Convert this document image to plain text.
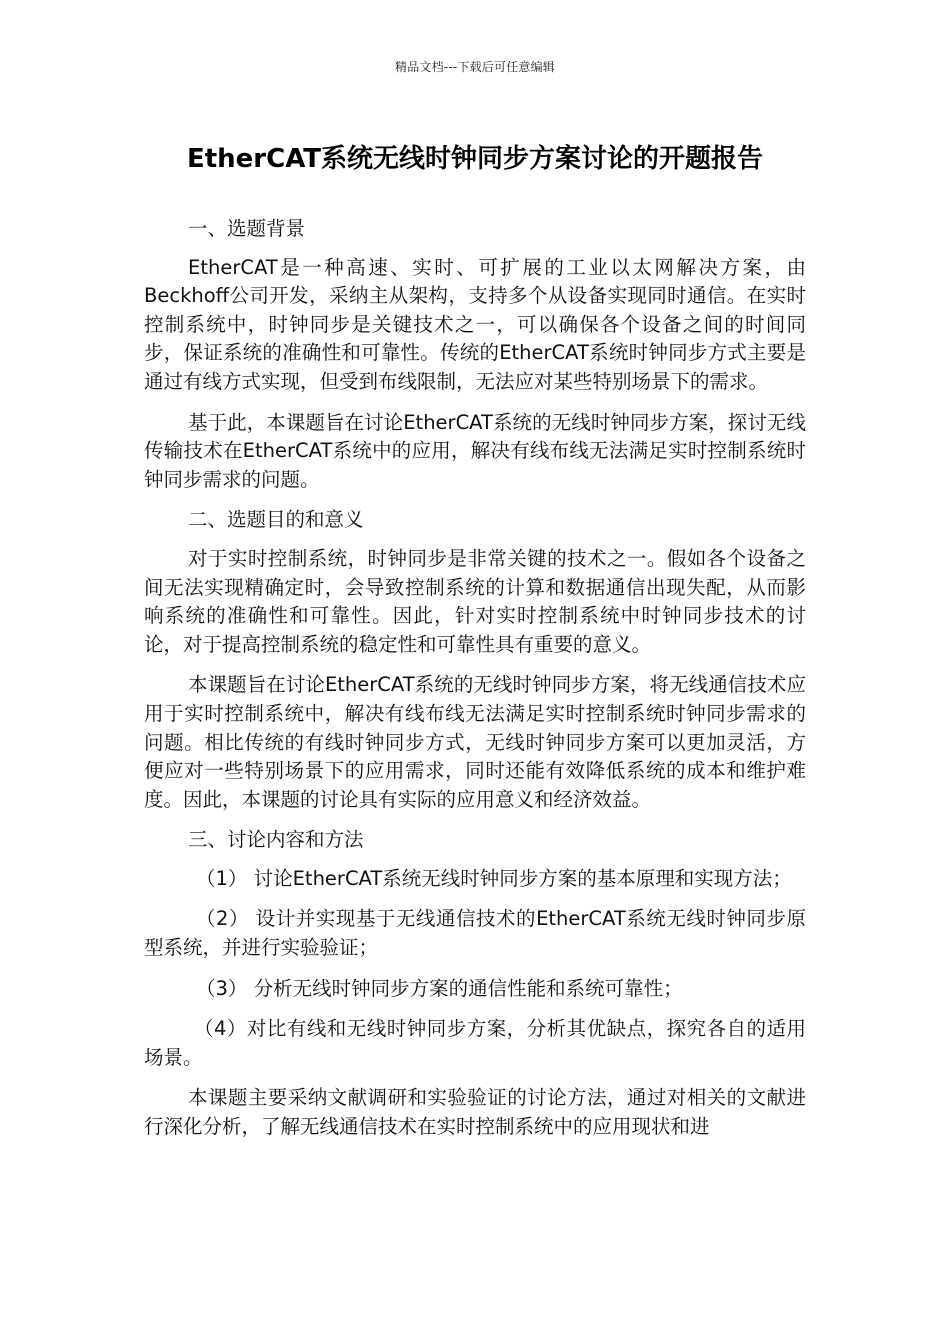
精品文档---下载后可任意编辑
EtherCAT系统无线时钟同步方案讨论的开题报告

一、选题背景

EtherCAT是一种高速、实时、可扩展的工业以太网解决方案，由Beckhoff公司开发，采纳主从架构，支持多个从设备实现同时通信。在实时控制系统中，时钟同步是关键技术之一，可以确保各个设备之间的时间同步，保证系统的准确性和可靠性。传统的EtherCAT系统时钟同步方式主要是通过有线方式实现，但受到布线限制，无法应对某些特别场景下的需求。

基于此，本课题旨在讨论EtherCAT系统的无线时钟同步方案，探讨无线传输技术在EtherCAT系统中的应用，解决有线布线无法满足实时控制系统时钟同步需求的问题。

二、选题目的和意义

对于实时控制系统，时钟同步是非常关键的技术之一。假如各个设备之间无法实现精确定时，会导致控制系统的计算和数据通信出现失配，从而影响系统的准确性和可靠性。因此，针对实时控制系统中时钟同步技术的讨论，对于提高控制系统的稳定性和可靠性具有重要的意义。

本课题旨在讨论EtherCAT系统的无线时钟同步方案，将无线通信技术应用于实时控制系统中，解决有线布线无法满足实时控制系统时钟同步需求的问题。相比传统的有线时钟同步方式，无线时钟同步方案可以更加灵活，方便应对一些特别场景下的应用需求，同时还能有效降低系统的成本和维护难度。因此，本课题的讨论具有实际的应用意义和经济效益。

三、讨论内容和方法

（1） 讨论EtherCAT系统无线时钟同步方案的基本原理和实现方法；

（2） 设计并实现基于无线通信技术的EtherCAT系统无线时钟同步原型系统，并进行实验验证；

（3） 分析无线时钟同步方案的通信性能和系统可靠性；

（4）对比有线和无线时钟同步方案，分析其优缺点，探究各自的适用场景。

本课题主要采纳文献调研和实验验证的讨论方法，通过对相关的文献进行深化分析，了解无线通信技术在实时控制系统中的应用现状和进
